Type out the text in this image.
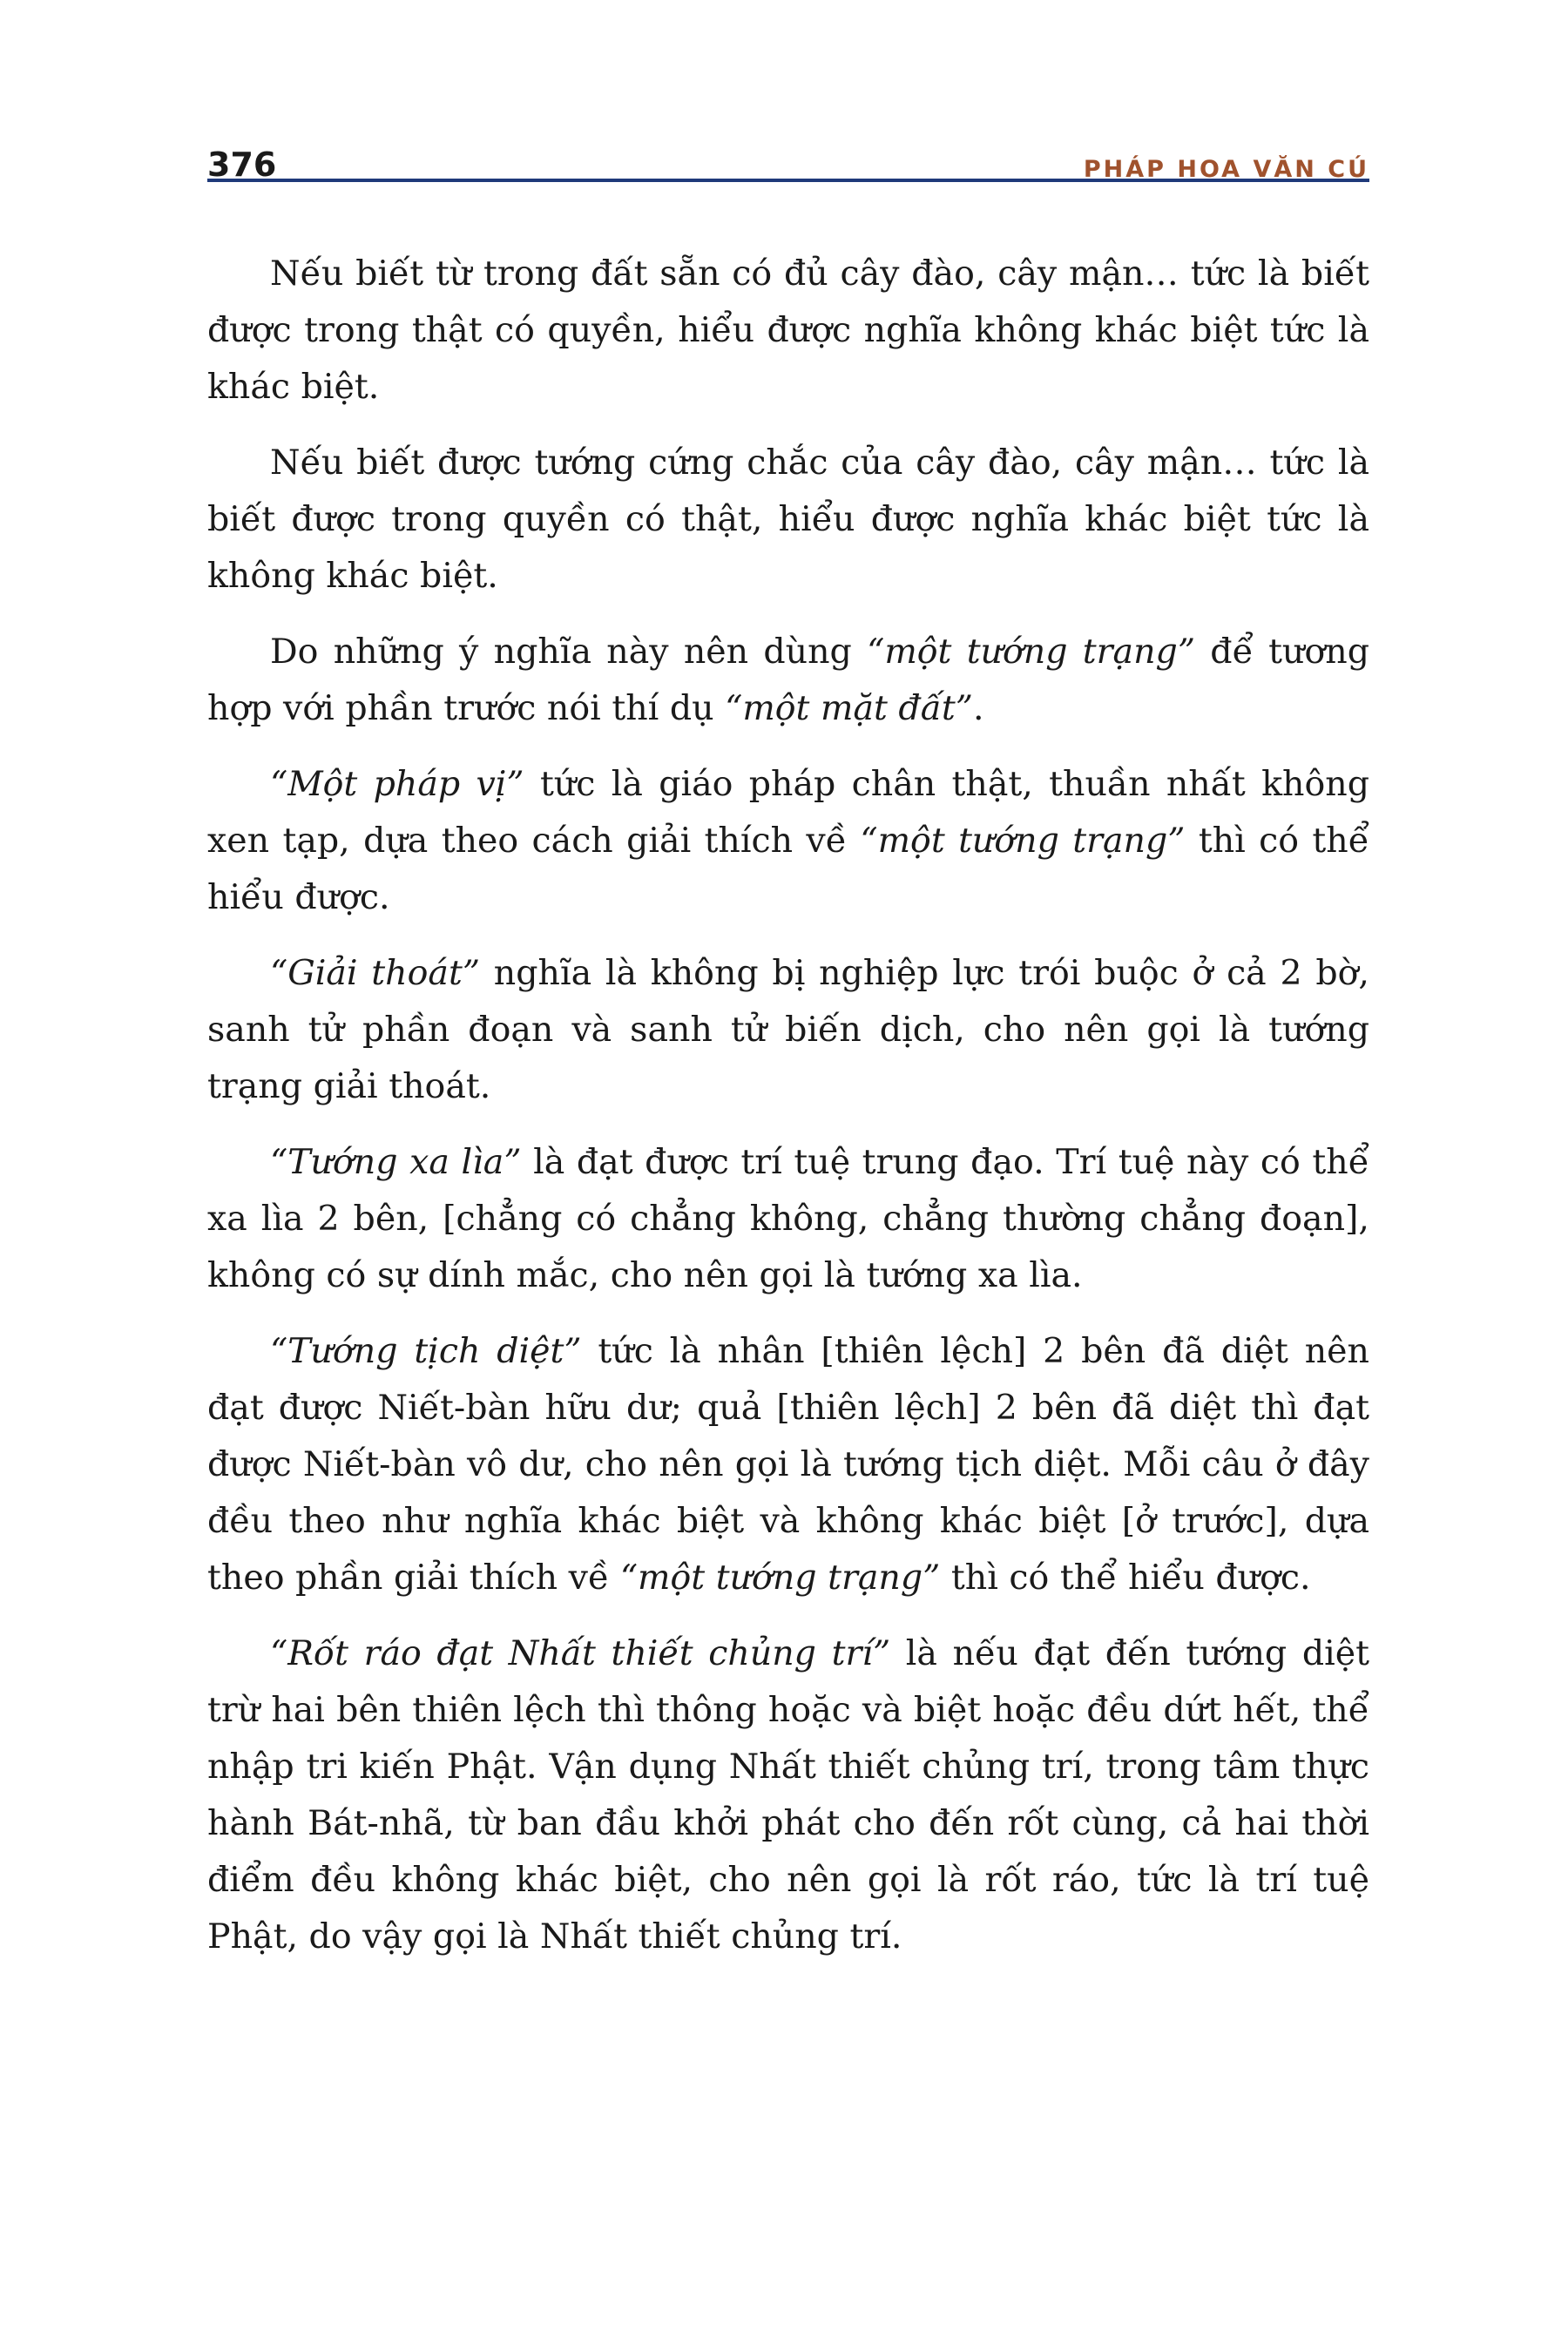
376	PHÁP HOA VĂN CÚ

Nếu biết từ trong đất sẵn có đủ cây đào, cây mận… tức là biết được trong thật có quyền, hiểu được nghĩa không khác biệt tức là khác biệt.

Nếu biết được tướng cứng chắc của cây đào, cây mận… tức là biết được trong quyền có thật, hiểu được nghĩa khác biệt tức là không khác biệt.

Do những ý nghĩa này nên dùng “một tướng trạng” để tương hợp với phần trước nói thí dụ “một mặt đất”.

“Một pháp vị” tức là giáo pháp chân thật, thuần nhất không xen tạp, dựa theo cách giải thích về “một tướng trạng” thì có thể hiểu được.

“Giải thoát” nghĩa là không bị nghiệp lực trói buộc ở cả 2 bờ, sanh tử phần đoạn và sanh tử biến dịch, cho nên gọi là tướng trạng giải thoát.

“Tướng xa lìa” là đạt được trí tuệ trung đạo. Trí tuệ này có thể xa lìa 2 bên, [chẳng có chẳng không, chẳng thường chẳng đoạn], không có sự dính mắc, cho nên gọi là tướng xa lìa.

“Tướng tịch diệt” tức là nhân [thiên lệch] 2 bên đã diệt nên đạt được Niết-bàn hữu dư; quả [thiên lệch] 2 bên đã diệt thì đạt được Niết-bàn vô dư, cho nên gọi là tướng tịch diệt. Mỗi câu ở đây đều theo như nghĩa khác biệt và không khác biệt [ở trước], dựa theo phần giải thích về “một tướng trạng” thì có thể hiểu được.

“Rốt ráo đạt Nhất thiết chủng trí” là nếu đạt đến tướng diệt trừ hai bên thiên lệch thì thông hoặc và biệt hoặc đều dứt hết, thể nhập tri kiến Phật. Vận dụng Nhất thiết chủng trí, trong tâm thực hành Bát-nhã, từ ban đầu khởi phát cho đến rốt cùng, cả hai thời điểm đều không khác biệt, cho nên gọi là rốt ráo, tức là trí tuệ Phật, do vậy gọi là Nhất thiết chủng trí.
